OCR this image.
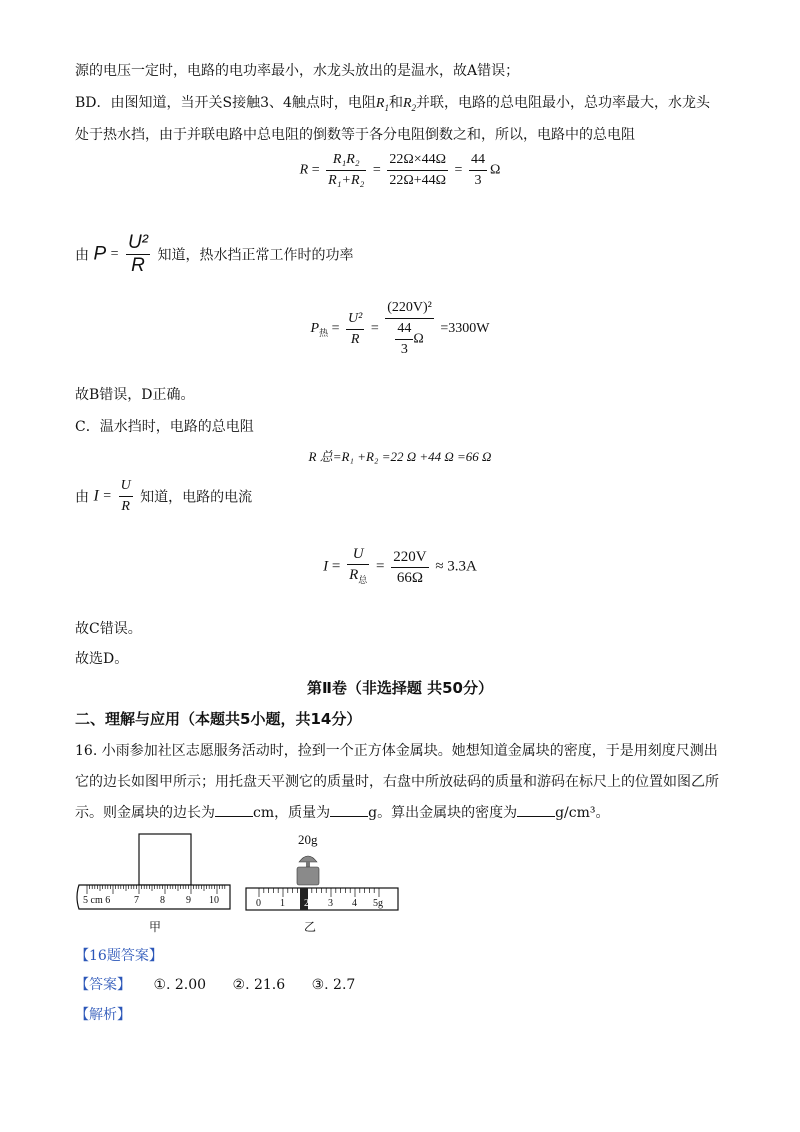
源的电压一定时，电路的电功率最小，水龙头放出的是温水，故A错误；
BD．由图知道，当开关S接触3、4触点时，电阻$R_1$和$R_2$并联，电路的总电阻最小，总功率最大，水龙头
处于热水挡，由于并联电路中总电阻的倒数等于各分电阻倒数之和，所以，电路中的总电阻
$R = \frac{\text{R₁R₂}}{\text{R₁+R₂}} = \frac{22\Omega\times 44\Omega}{22\Omega+44\Omega} = \frac{44}{3}$ Ω
由 $P = \frac{\text{U²}}{R}$ 知道，热水挡正常工作时的功率
$P_热 = \frac{\text{U²}}{R} = \frac{\text{(220V)²}}{\frac{44}{3} \Omega} =3300W$
故B错误，D正确。
C．温水挡时，电路的总电阻
R 总=R₁ +R₂ =22 Ω +44 Ω =66 Ω
由 $I = \frac{U}{R}$ 知道，电路的电流
$I = \frac{U}{R_总} = \frac{220V}{66\Omega} \approx 3.3A$
故C错误。
故选D。
第Ⅱ卷（非选择题 共50分）
二、理解与应用（本题共5小题，共14分）
16. 小雨参加社区志愿服务活动时，捡到一个正方体金属块。她想知道金属块的密度，于是用刻度尺测出
它的边长如图甲所示；用托盘天平测它的质量时，右盘中所放砝码的质量和游码在标尺上的位置如图乙所
示。则金属块的边长为	cm，质量为	g。算出金属块的密度为	g/cm³。
5 cm 6 7 8 9 10
甲
20g
0 1 2 3 4 5g
乙
【16题答案】
【答案】 ①. 2.00 ②. 21.6 ③. 2.7
【解析】
